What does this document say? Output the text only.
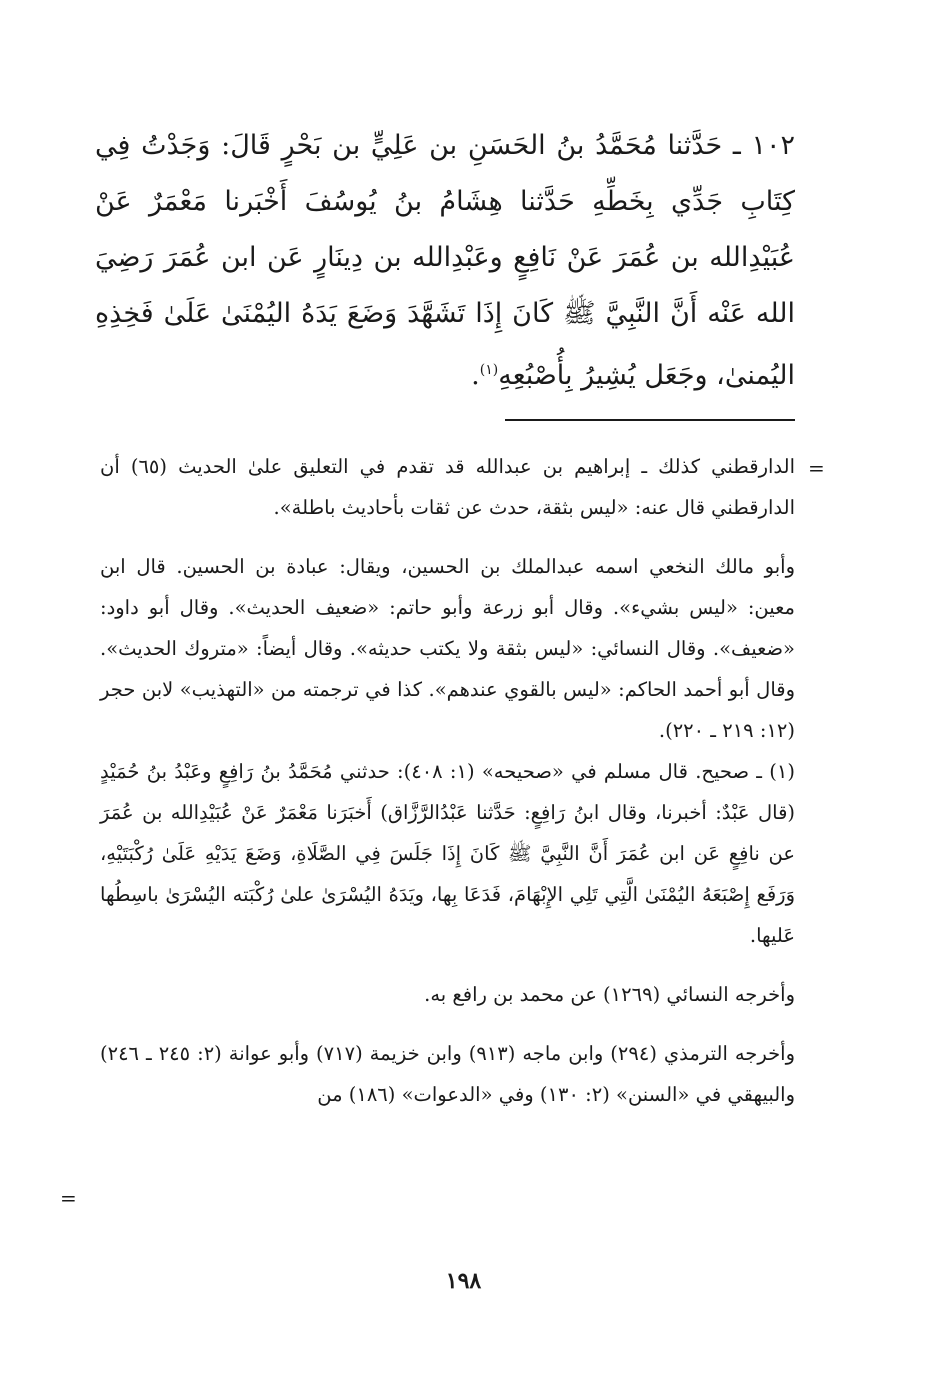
١٠٢ ـ حَدَّثنا مُحَمَّدُ بنُ الحَسَنِ بن عَلِيٍّ بن بَحْرٍ قَالَ: وَجَدْتُ فِي كِتَابِ جَدِّي بِخَطِّهِ حَدَّثنا هِشَامُ بنُ يُوسُفَ أَخْبَرنا مَعْمَرٌ عَنْ عُبَيْدِالله بن عُمَرَ عَنْ نَافِعٍ وعَبْدِالله بن دِينَارٍ عَن ابن عُمَرَ رَضِيَ الله عَنْه أَنَّ النَّبِيَّ ﷺ كَانَ إِذَا تَشَهَّدَ وَضَعَ يَدَهُ اليُمْنَىٰ عَلَىٰ فَخِذِهِ اليُمنىٰ، وجَعَل يُشِيرُ بِأُصْبُعِهِ$^{(١)}$.

=

الدارقطني كذلك ـ إبراهيم بن عبدالله قد تقدم في التعليق علىٰ الحديث (٦٥) أن الدارقطني قال عنه: «ليس بثقة، حدث عن ثقات بأحاديث باطلة».

وأبو مالك النخعي اسمه عبدالملك بن الحسين، ويقال: عبادة بن الحسين. قال ابن معين: «ليس بشيء». وقال أبو زرعة وأبو حاتم: «ضعيف الحديث». وقال أبو داود: «ضعيف». وقال النسائي: «ليس بثقة ولا يكتب حديثه». وقال أيضاً: «متروك الحديث». وقال أبو أحمد الحاكم: «ليس بالقوي عندهم». كذا في ترجمته من «التهذيب» لابن حجر (١٢: ٢١٩ ـ ٢٢٠).

(١) ـ صحيح. قال مسلم في «صحيحه» (١: ٤٠٨): حدثني مُحَمَّدُ بنُ رَافِعٍ وعَبْدُ بنُ حُمَيْدٍ (قال عَبْدٌ: أخبرنا، وقال ابنُ رَافِعٍ: حَدَّثنا عَبْدُالرَّزَّاق) أَخبَرَنا مَعْمَرٌ عَنْ عُبَيْدِالله بن عُمَرَ عن نافِعٍ عَن ابن عُمَرَ أَنَّ النَّبِيَّ ﷺ كَانَ إِذَا جَلَسَ فِي الصَّلَاةِ، وَضَعَ يَدَيْهِ عَلَىٰ رُكْبَتَيْهِ، وَرَفَع إِصْبَعَهُ اليُمْنَىٰ الَّتِي تَلِي الإِبْهَامَ، فَدَعَا بِها، ويَدَهُ اليُسْرَىٰ علىٰ رُكْبَته اليُسْرَىٰ باسِطُها عَليها.

وأخرجه النسائي (١٢٦٩) عن محمد بن رافع به.

وأخرجه الترمذي (٢٩٤) وابن ماجه (٩١٣) وابن خزيمة (٧١٧) وأبو عوانة (٢: ٢٤٥ ـ ٢٤٦) والبيهقي في «السنن» (٢: ١٣٠) وفي «الدعوات» (١٨٦) من

=
١٩٨
